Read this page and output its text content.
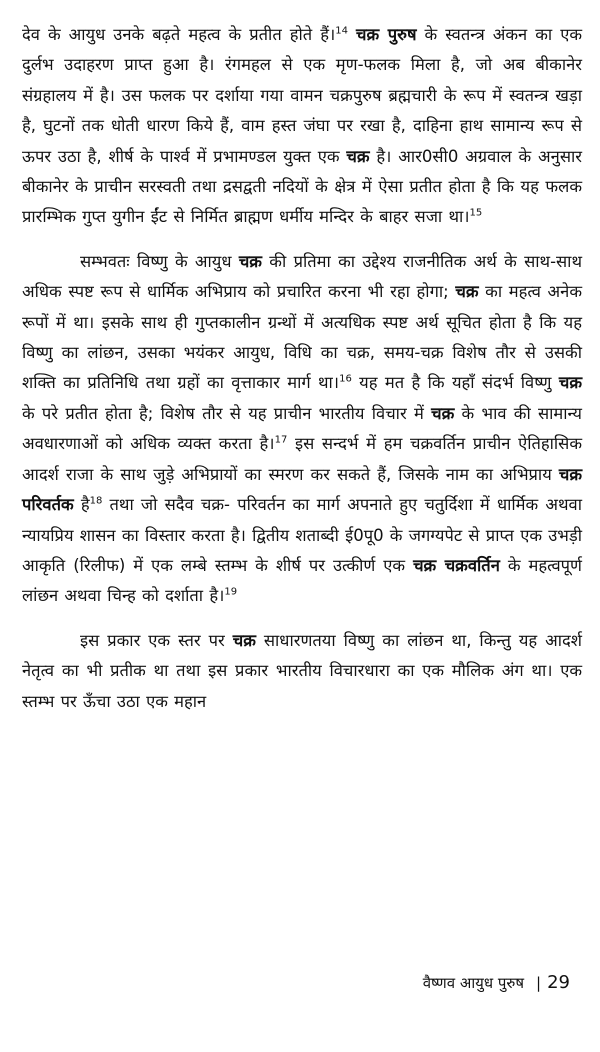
देव के आयुध उनके बढ़ते महत्व के प्रतीत होते हैं।$^{14}$ चक्र पुरुष के स्वतन्त्र अंकन का एक दुर्लभ उदाहरण प्राप्त हुआ है। रंगमहल से एक मृण-फलक मिला है, जो अब बीकानेर संग्रहालय में है। उस फलक पर दर्शाया गया वामन चक्रपुरुष ब्रह्मचारी के रूप में स्वतन्त्र खड़ा है, घुटनों तक धोती धारण किये हैं, वाम हस्त जंघा पर रखा है, दाहिना हाथ सामान्य रूप से ऊपर उठा है, शीर्ष के पार्श्व में प्रभामण्डल युक्त एक चक्र है। आर0सी0 अग्रवाल के अनुसार बीकानेर के प्राचीन सरस्वती तथा द्रसद्वती नदियों के क्षेत्र में ऐसा प्रतीत होता है कि यह फलक प्रारम्भिक गुप्त युगीन ईंट से निर्मित ब्राह्मण धर्मीय मन्दिर के बाहर सजा था।$^{15}$

सम्भवतः विष्णु के आयुध चक्र की प्रतिमा का उद्देश्य राजनीतिक अर्थ के साथ-साथ अधिक स्पष्ट रूप से धार्मिक अभिप्राय को प्रचारित करना भी रहा होगा; चक्र का महत्व अनेक रूपों में था। इसके साथ ही गुप्तकालीन ग्रन्थों में अत्यधिक स्पष्ट अर्थ सूचित होता है कि यह विष्णु का लांछन, उसका भयंकर आयुध, विधि का चक्र, समय-चक्र विशेष तौर से उसकी शक्ति का प्रतिनिधि तथा ग्रहों का वृत्ताकार मार्ग था।$^{16}$ यह मत है कि यहाँ संदर्भ विष्णु चक्र के परे प्रतीत होता है; विशेष तौर से यह प्राचीन भारतीय विचार में चक्र के भाव की सामान्य अवधारणाओं को अधिक व्यक्त करता है।$^{17}$ इस सन्दर्भ में हम चक्रवर्तिन प्राचीन ऐतिहासिक आदर्श राजा के साथ जुड़े अभिप्रायों का स्मरण कर सकते हैं, जिसके नाम का अभिप्राय चक्र परिवर्तक है$^{18}$ तथा जो सदैव चक्र- परिवर्तन का मार्ग अपनाते हुए चतुर्दिशा में धार्मिक अथवा न्यायप्रिय शासन का विस्तार करता है। द्वितीय शताब्दी ई0पू0 के जगग्यपेट से प्राप्त एक उभड़ी आकृति (रिलीफ) में एक लम्बे स्तम्भ के शीर्ष पर उत्कीर्ण एक चक्र चक्रवर्तिन के महत्वपूर्ण लांछन अथवा चिन्ह को दर्शाता है।$^{19}$

इस प्रकार एक स्तर पर चक्र साधारणतया विष्णु का लांछन था, किन्तु यह आदर्श नेतृत्व का भी प्रतीक था तथा इस प्रकार भारतीय विचारधारा का एक मौलिक अंग था। एक स्तम्भ पर ऊँचा उठा एक महान

वैष्णव आयुध पुरुष | 29
